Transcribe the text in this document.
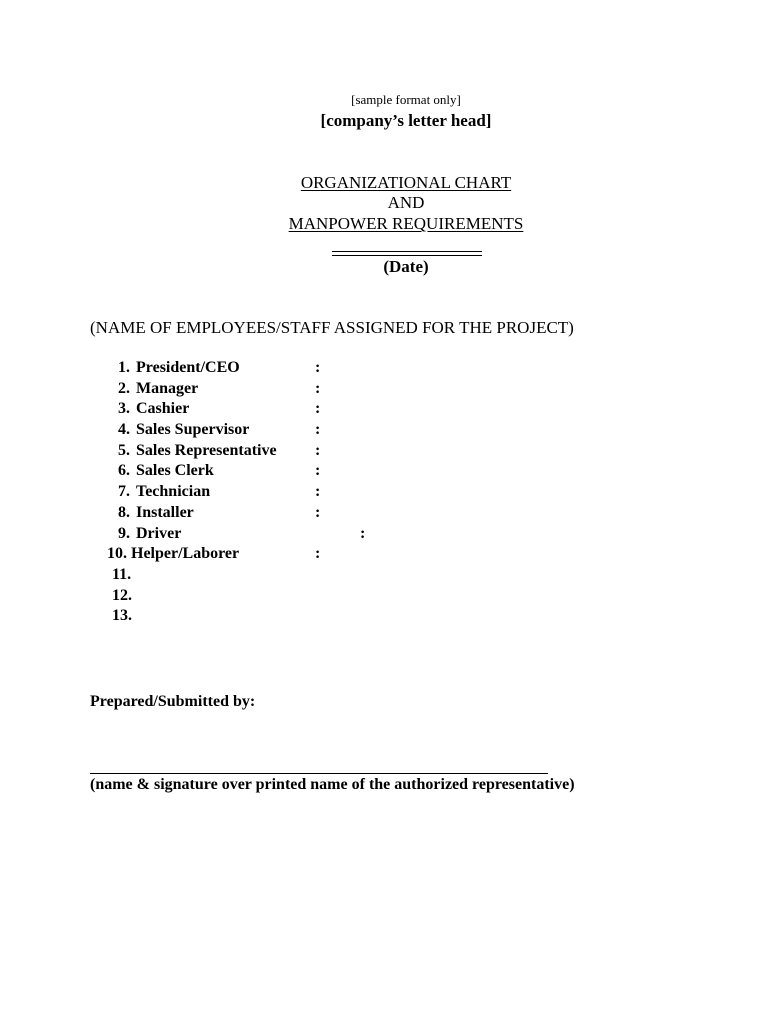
[sample format only]
[company’s letter head]
ORGANIZATIONAL CHART
AND
MANPOWER REQUIREMENTS
(Date)
(NAME OF EMPLOYEES/STAFF ASSIGNED FOR THE PROJECT)
1. President/CEO	:
2. Manager	:
3. Cashier	:
4. Sales Supervisor	:
5. Sales Representative :
6. Sales Clerk	:
7. Technician	:
8. Installer	:
9. Driver	:
10. Helper/Laborer	:
11.
12.
13.
Prepared/Submitted by:
(name & signature over printed name of the authorized representative)
